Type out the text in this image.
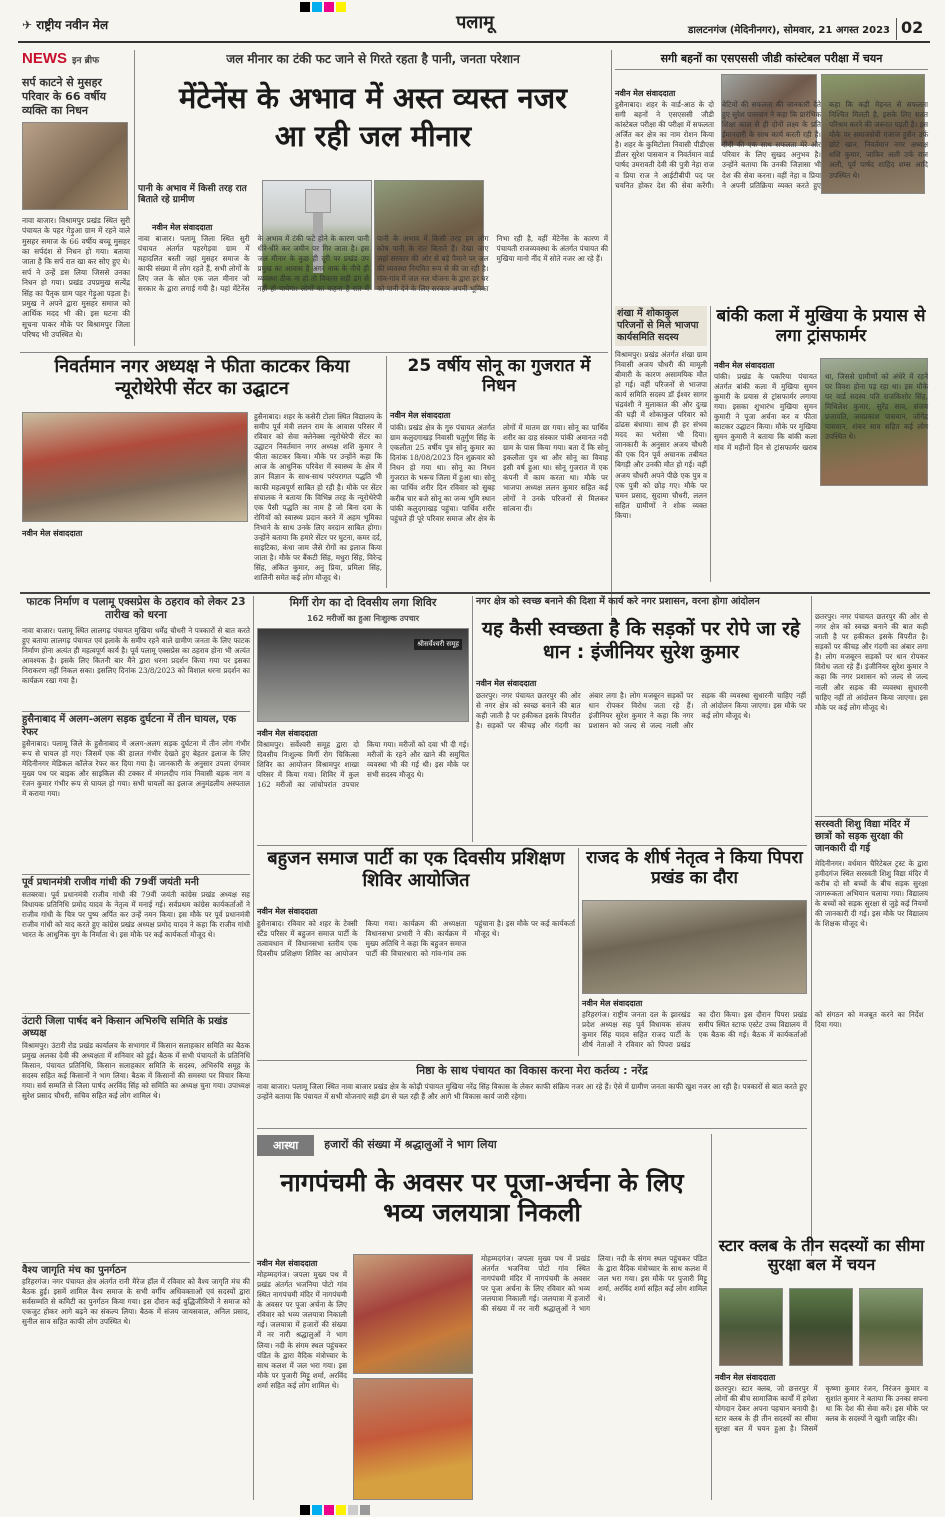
✈ राष्ट्रीय नवीन मेल	पलामू	डालटनगंज (मेदिनीनगर), सोमवार, 21 अगस्त 2023 02
NEWS इन ब्रीफ
सर्प काटने से मुसहर परिवार के 66 वर्षीय व्यक्ति का निधन
नावा बाजार। विश्रामपुर प्रखंड स्थित सुरी पंचायत के पहर गेड़ुआ ग्राम में रहने वाले मुसहर समाज के 66 वर्षीय बच्चू मुसहर का सर्पदंश से निधन हो गया। बताया जाता है कि सर्प रात खा कर सोए हुए थे। सर्प ने उन्हें डस लिया जिससे उनका निधन हो गया। प्रखंड उपप्रमुख सत्येंद्र सिंह का पैतृक ग्राम पहर गेड़ुआ पड़ता है। प्रमुख ने अपने द्वारा मुसहर समाज को आर्थिक मदद भी की। इस घटना की सूचना पाकर मौके पर बिश्रामपुर जिला परिषद भी उपस्थित थे।
जल मीनार का टंकी फट जाने से गिरते रहता है पानी, जनता परेशान
मेंटेनेंस के अभाव में अस्त व्यस्त नजर आ रही जल मीनार
पानी के अभाव में किसी तरह रात बिताते रहे ग्रामीण
नवीन मेल संवाददाता
नावा बाजार। पलामू जिला स्थित सुरी पंचायत अंतर्गत पहरगेड़वा ग्राम में महादलित बस्ती जहां मुसहर समाज के काफी संख्या में लोग रहते हैं, सभी लोगों के लिए जल के स्रोत एक जल मीनार जो सरकार के द्वारा लगाई गयी है। यहां मेंटेनेंस के अभाव में टंकी फटे होने के कारण पानी धीरे-धीरे कर जमीन पर गिर जाता है। इस जल मीनार के कुछ ही दूरी पर प्रखंड उप प्रमुख का आवास है अगर नाक के नीचे ही व्यवस्था ठीक ना हो तो विकास सही ढंग से नहीं हो पायेगा। लोगों का कहना है रात में पानी के अभाव में किसी तरह हम लोग कोष पानी के रात बिताते हैं। देखा जाए जहां सरकार की ओर से बड़े पैमाने पर जल की व्यवस्था नियमित रूप से की जा रही है। गांव-गांव में जल नल योजना के द्वारा हर घर को पानी देने के लिए सरकार अपनी भूमिका निभा रही है, वहीं मेंटेनेंस के कारण में पंचायती राजव्यवस्था के अंतर्गत पंचायत की मुखिया मानो नींद में सोते नजर आ रहे हैं।
सगी बहनों का एसएससी जीडी कांस्टेबल परीक्षा में चयन
नवीन मेल संवाददाता
हुसैनाबाद। शहर के वार्ड-आठ के दो सगी बहनों ने एसएससी जीडी कांस्टेबल परीक्षा की परीक्षा में सफलता अर्जित कर क्षेत्र का नाम रोशन किया है। शहर के कुमिटोला निवासी पीडीएस डीलर सुरेश पासवान व निवर्तमान वार्ड पार्षद उमरावती देवी की पुत्री नेहा राज व प्रिया राज ने आईटीबीपी पद पर चयनित होकर देश की सेवा करेंगी। बेटियों की सफलता की जानकारी देते हुए सुरेश पासवान ने कहा कि प्रारंभिक शिक्षा काल से ही दोनों लक्ष्य के प्रति ईमानदारी के साथ कार्य करती रही हैं। दीदी की एक साथ सफलता मेरे और परिवार के लिए सुखद अनुभव है। उन्होंने बताया कि उनकी जिज्ञासा भी देश की सेवा करना। वहीं नेहा व प्रिया ने अपनी प्रतिक्रिया व्यक्त करते हुए कहा कि कड़ी मेहनत से सफलता निश्चित मिलती है, इसके लिए सतत परिश्रम करने की जरूरत पड़ती है। इस मौके पर समाजसेवी एजाज हुसैन उर्फ छोटे खान, निवर्तमान नगर अध्यक्ष शशि कुमार, जाकिर अली उर्फ राज अली, पूर्व पार्षद शाहिद शम्स आदि उपस्थित थे।
शंखा में शोकाकुल परिजनों से मिले भाजपा कार्यसमिति सदस्य
विश्रामपुर। प्रखंड अंतर्गत शंखा ग्राम निवासी अजय चौधरी की मामूली बीमारी के कारण असामयिक मौत हो गई। वहीं परिजनों से भाजपा कार्य समिति सदस्य डॉ ईश्वर सागर चंद्रवंशी ने मुलाकात की और दुःख की घड़ी में शोकाकुल परिवार को ढांढस बंधाया। साथ ही हर संभव मदद का भरोसा भी दिया। जानकारी के अनुसार अजय चौधरी की एक दिन पूर्व अचानक तबीयत बिगड़ी और उनकी मौत हो गई। वहीं अजय चौधरी अपने पीछे एक पुत्र व एक पुत्री को छोड़ गए। मौके पर चमन प्रसाद, सुदामा चौधरी, ललन सहित ग्रामीणों ने शोक व्यक्त किया।
बांकी कला में मुखिया के प्रयास से लगा ट्रांसफार्मर
नवीन मेल संवाददाता
पांकी। प्रखंड के पकरिया पंचायत अंतर्गत बांकी कला में मुखिया सुमन कुमारी के प्रयास से ट्रांसफार्मर लगाया गया। इसका शुभारंभ मुखिया सुमन कुमारी ने पूजा अर्चना कर व फीता काटकर उद्घाटन किया। मौके पर मुखिया सुमन कुमारी ने बताया कि बांकी कला गांव में महीनों दिन से ट्रांसफार्मर खराब था, जिससे ग्रामीणों को अंधेरे में रहने पर विवश होना पड़ रहा था। इस मौके पर वार्ड सदस्य पति राजकिशोर सिंह, मिथिलेश कुमार, सुरेंद्र साव, संजय प्रजापति, जयप्रकाश पासवान, जोगेंद्र पासवान, शंकर साव सहित कई लोग उपस्थित थे।
निवर्तमान नगर अध्यक्ष ने फीता काटकर किया न्यूरोथेरेपी सेंटर का उद्घाटन
नवीन मेल संवाददाता
हुसैनाबाद। शहर के कसेरी टोला स्थित विद्यालय के समीप पूर्व मंत्री ललन राम के आवास परिसर में रविवार को सेवा क्लेनेक्स न्यूरोथेरेपी सेंटर का उद्घाटन निवर्तमान नगर अध्यक्ष शशि कुमार ने फीता काटकर किया। मौके पर उन्होंने कहा कि आज के आधुनिक परिवेश में स्वास्थ्य के क्षेत्र में ज्ञान विज्ञान के साथ-साथ परंपरागत पद्धति भी काफी महत्वपूर्ण साबित हो रही है। मौके पर सेंटर संचालक ने बताया कि विभिन्न तरह के न्यूरोथेरेपी एक पैसी पद्धति का नाम है जो बिना दवा के रोगियों को स्वास्थ्य प्रदान करने में अहम भूमिका निभाने के साथ उनके लिए वरदान साबित होगा। उन्होंने बताया कि हमारे सेंटर पर घुटना, कमर दर्द, साइटिका, कंधा जाम जैसे रोगों का इलाज किया जाता है। मौके पर बैंकटी सिंह, मधुरा सिंह, विरेन्द्र सिंह, अंकित कुमार, अनु प्रिया, प्रमिला सिंह, शालिनी समेत कई लोग मौजूद थे।
25 वर्षीय सोनू का गुजरात में निधन
नवीन मेल संवाददाता
पांकी। प्रखंड क्षेत्र के गुरु पंचायत अंतर्गत ग्राम कलुदगाखड़ निवासी चतुर्गुण सिंह के एकलौता 25 वर्षीय पुत्र सोनू कुमार का दिनांक 18/08/2023 दिन शुक्रवार को निधन हो गया था। सोनू का निधन गुजरात के भरूच जिला में हुआ था। सोनू का पार्थिव शरीर दिन रविवार को सुबह करीब चार बजे सोनू का जन्म भूमि स्थान पांकी कलुदगाखड़ पहुंचा। पार्थिव शरीर पहुंचते ही पूरे परिवार समाज और क्षेत्र के लोगों में मातम छा गया। सोनू का पार्थिव शरीर का दाह संस्कार पांकी अमानत नदी ग्राम के पास किया गया। बता दें कि सोनू इकलौता पुत्र था और सोनू का विवाह इसी वर्ष हुआ था। सोनू गुजरात में एक कंपनी में काम करता था। मौके पर भाजपा अध्यक्ष ललन कुमार सहित कई लोगों ने उनके परिजनों से मिलकर सांत्वना दी।
फाटक निर्माण व पलामू एक्सप्रेस के ठहराव को लेकर 23 तारीख को धरना
नावा बाजार। पलामू स्थित लालगढ़ पंचायत मुखिया धर्मेंद्र चौधरी ने पत्रकारों से बात करते हुए बताया लालगढ़ पंचायत एवं इलाके के समीप रहने वाले ग्रामीण जनता के लिए फाटक निर्माण होना अत्यंत ही महत्वपूर्ण कार्य है। पूर्व पलामू एक्सप्रेस का ठहराव होना भी अत्यंत आवश्यक है। इसके लिए कितनी बार मैंने द्वारा धरना प्रदर्शन किया गया पर इसका निराकरण नहीं निकल सका। इसलिए दिनांक 23/8/2023 को विशाल धरना प्रदर्शन का कार्यक्रम रखा गया है।
हुसैनाबाद में अलग-अलग सड़क दुर्घटना में तीन घायल, एक रेफर
हुसैनाबाद। पलामू जिले के हुसैनाबाद में अलग-अलग सड़क दुर्घटना में तीन लोग गंभीर रूप से घायल हो गए। जिसमें एक की हालत गंभीर देखते हुए बेहतर इलाज के लिए मेदिनीनगर मेडिकल कॉलेज रेफर कर दिया गया है। जानकारी के अनुसार उपला दंगवार मुख्य पथ पर बाइक और साइकिल की टक्कर में मंगलदीप गांव निवासी बड़क नाग व रंजन कुमार गंभीर रूप से घायल हो गया। सभी घायलों का इलाज अनुमंडलीय अस्पताल में कराया गया।
पूर्व प्रधानमंत्री राजीव गांधी की 79वीं जयंती मनी
सतबरवा। पूर्व प्रधानमंत्री राजीव गांधी की 79वीं जयंती कांग्रेस प्रखंड अध्यक्ष सह विधायक प्रतिनिधि प्रमोद यादव के नेतृत्व में मनाई गई। सर्वप्रथम कांग्रेस कार्यकर्ताओं ने राजीव गांधी के चित्र पर पुष्प अर्पित कर उन्हें नमन किया। इस मौके पर पूर्व प्रधानमंत्री राजीव गांधी को याद करते हुए कांग्रेस प्रखंड अध्यक्ष प्रमोद यादव ने कहा कि राजीव गांधी भारत के आधुनिक युग के निर्माता थे। इस मौके पर कई कार्यकर्ता मौजूद थे।
उंटारी जिला पार्षद बने किसान अभिरुचि समिति के प्रखंड अध्यक्ष
विश्रामपुर। उंटारी रोड प्रखंड कार्यालय के सभागार में किसान सलाहकार समिति का बैठक प्रमुख अलका देवी की अध्यक्षता में शनिवार को हुई। बैठक में सभी पंचायतों के प्रतिनिधि किसान, पंचायत प्रतिनिधि, किसान सलाहकार समिति के सदस्य, अभिरुचि समूह के सदस्य सहित कई किसानों ने भाग लिया। बैठक में किसानों की समस्या पर विचार किया गया। सर्व सम्मति से जिला पार्षद अरविंद सिंह को समिति का अध्यक्ष चुना गया। उपाध्यक्ष सुरेश प्रसाद चौधरी, सचिव सहित कई लोग शामिल थे।
वैश्य जागृति मंच का पुनर्गठन
हरिहरगंज। नगर पंचायत क्षेत्र अंतर्गत रानी मैरेज हॉल में रविवार को वैश्य जागृति मंच की बैठक हुई। इसमें शामिल वैश्य समाज के सभी वर्गीय अधिवक्ताओं एवं सदस्यों द्वारा सर्वसम्मति से कमिटी का पुनर्गठन किया गया। इस दौरान कई बुद्धिजीवियों ने समाज को एकजुट होकर आगे बढ़ने का संकल्प लिया। बैठक में संजय जायसवाल, अनिल प्रसाद, सुनील साव सहित काफी लोग उपस्थित थे।
मिर्गी रोग का दो दिवसीय लगा शिविर
162 मरीजों का हुआ निःशुल्क उपचार
श्रीसर्वेश्वरी समूह
नवीन मेल संवाददाता
विश्रामपुर। सर्वेश्वरी समूह द्वारा दो दिवसीय निःशुल्क मिर्गी रोग चिकित्सा शिविर का आयोजन विश्रामपुर शाखा परिसर में किया गया। शिविर में कुल 162 मरीजों का जांचोपरांत उपचार किया गया। मरीजों को दवा भी दी गई। मरीजों के रहने और खाने की समुचित व्यवस्था भी की गई थी। इस मौके पर सभी सदस्य मौजूद थे।
नगर क्षेत्र को स्वच्छ बनाने की दिशा में कार्य करे नगर प्रशासन, वरना होगा आंदोलन
यह कैसी स्वच्छता है कि सड़कों पर रोपे जा रहे धान : इंजीनियर सुरेश कुमार
नवीन मेल संवाददाता
छतरपुर। नगर पंचायत छतरपुर की ओर से नगर क्षेत्र को स्वच्छ बनाने की बात कही जाती है पर हकीकत इसके विपरीत है। सड़कों पर कीचड़ और गंदगी का अंबार लगा है। लोग मजबूरन सड़कों पर धान रोपकर विरोध जता रहे हैं। इंजीनियर सुरेश कुमार ने कहा कि नगर प्रशासन को जल्द से जल्द नाली और सड़क की व्यवस्था सुधारनी चाहिए नहीं तो आंदोलन किया जाएगा। इस मौके पर कई लोग मौजूद थे।
छतरपुर। नगर पंचायत छतरपुर की ओर से नगर क्षेत्र को स्वच्छ बनाने की बात कही जाती है पर हकीकत इसके विपरीत है। सड़कों पर कीचड़ और गंदगी का अंबार लगा है। लोग मजबूरन सड़कों पर धान रोपकर विरोध जता रहे हैं। इंजीनियर सुरेश कुमार ने कहा कि नगर प्रशासन को जल्द से जल्द नाली और सड़क की व्यवस्था सुधारनी चाहिए नहीं तो आंदोलन किया जाएगा। इस मौके पर कई लोग मौजूद थे।
सरस्वती शिशु विद्या मंदिर में छात्रों को सड़क सुरक्षा की जानकारी दी गई
मेदिनीनगर। वर्धमान चैरिटेबल ट्रस्ट के द्वारा हमीदगंज स्थित सरस्वती शिशु विद्या मंदिर में करीब दो सौ बच्चों के बीच सड़क सुरक्षा जागरूकता अभियान चलाया गया। विद्यालय के बच्चों को सड़क सुरक्षा से जुड़े कई नियमों की जानकारी दी गई। इस मौके पर विद्यालय के शिक्षक मौजूद थे।
बहुजन समाज पार्टी का एक दिवसीय प्रशिक्षण शिविर आयोजित
नवीन मेल संवाददाता
हुसैनाबाद। रविवार को शहर के टेक्सी स्टैंड परिसर में बहुजन समाज पार्टी के तत्वावधान में विधानसभा स्तरीय एक दिवसीय प्रशिक्षण शिविर का आयोजन किया गया। कार्यक्रम की अध्यक्षता विधानसभा प्रभारी ने की। कार्यक्रम में मुख्य अतिथि ने कहा कि बहुजन समाज पार्टी की विचारधारा को गांव-गांव तक पहुंचाना है। इस मौके पर कई कार्यकर्ता मौजूद थे।
राजद के शीर्ष नेतृत्व ने किया पिपरा प्रखंड का दौरा
नवीन मेल संवाददाता
हरिहरगंज। राष्ट्रीय जनता दल के झारखंड प्रदेश अध्यक्ष सह पूर्व विधायक संजय कुमार सिंह यादव सहित राजद पार्टी के शीर्ष नेताओं ने रविवार को पिपरा प्रखंड का दौरा किया। इस दौरान पिपरा प्रखंड समीप स्थित स्टाफ एस्टेट उच्च विद्यालय में एक बैठक की गई। बैठक में कार्यकर्ताओं को संगठन को मजबूत करने का निर्देश दिया गया।
निष्ठा के साथ पंचायत का विकास करना मेरा कर्तव्य : नरेंद्र
नावा बाजार। पलामू जिला स्थित नावा बाजार प्रखंड क्षेत्र के कोढ़ी पंचायत मुखिया नरेंद्र सिंह विकास के लेकर काफी संक्रिय नजर आ रहे हैं। ऐसे में ग्रामीण जनता काफी खुश नजर आ रही है। पत्रकारों से बात करते हुए उन्होंने बताया कि पंचायत में सभी योजनाएं सही ढंग से चल रही हैं और आगे भी विकास कार्य जारी रहेगा।
आस्था	हजारों की संख्या में श्रद्धालुओं ने भाग लिया
नागपंचमी के अवसर पर पूजा-अर्चना के लिए भव्य जलयात्रा निकली
नवीन मेल संवाददाता
मोहम्मदगंज। जपला मुख्य पथ में प्रखंड अंतर्गत भजनिया पोटो गांव स्थित नागपंचमी मंदिर में नागपंचमी के अवसर पर पूजा अर्चना के लिए रविवार को भव्य जलयात्रा निकाली गई। जलयात्रा में हजारों की संख्या में नर नारी श्रद्धालुओं ने भाग लिया। नदी के संगम स्थल पहुंचकर पंडित के द्वारा वैदिक मंत्रोच्चार के साथ कलश में जल भरा गया। इस मौके पर पुजारी मिट्टू शर्मा, अरविंद शर्मा सहित कई लोग शामिल थे।
मोहम्मदगंज। जपला मुख्य पथ में प्रखंड अंतर्गत भजनिया पोटो गांव स्थित नागपंचमी मंदिर में नागपंचमी के अवसर पर पूजा अर्चना के लिए रविवार को भव्य जलयात्रा निकाली गई। जलयात्रा में हजारों की संख्या में नर नारी श्रद्धालुओं ने भाग लिया। नदी के संगम स्थल पहुंचकर पंडित के द्वारा वैदिक मंत्रोच्चार के साथ कलश में जल भरा गया। इस मौके पर पुजारी मिट्टू शर्मा, अरविंद शर्मा सहित कई लोग शामिल थे।
स्टार क्लब के तीन सदस्यों का सीमा सुरक्षा बल में चयन
नवीन मेल संवाददाता
छतरपुर। स्टार क्लब, जो छत्तरपुर में लोगों की बीच सामाजिक कार्यों में हमेशा योगदान देकर अपना पहचान बनायी है। स्टार क्लब के ही तीन सदस्यों का सीमा सुरक्षा बल में चयन हुआ है। जिसमें कृष्णा कुमार रंजन, निरंजन कुमार व सुशांत कुमार ने बताया कि उनका सपना था कि देश की सेवा करें। इस मौके पर क्लब के सदस्यों ने खुशी जाहिर की।
